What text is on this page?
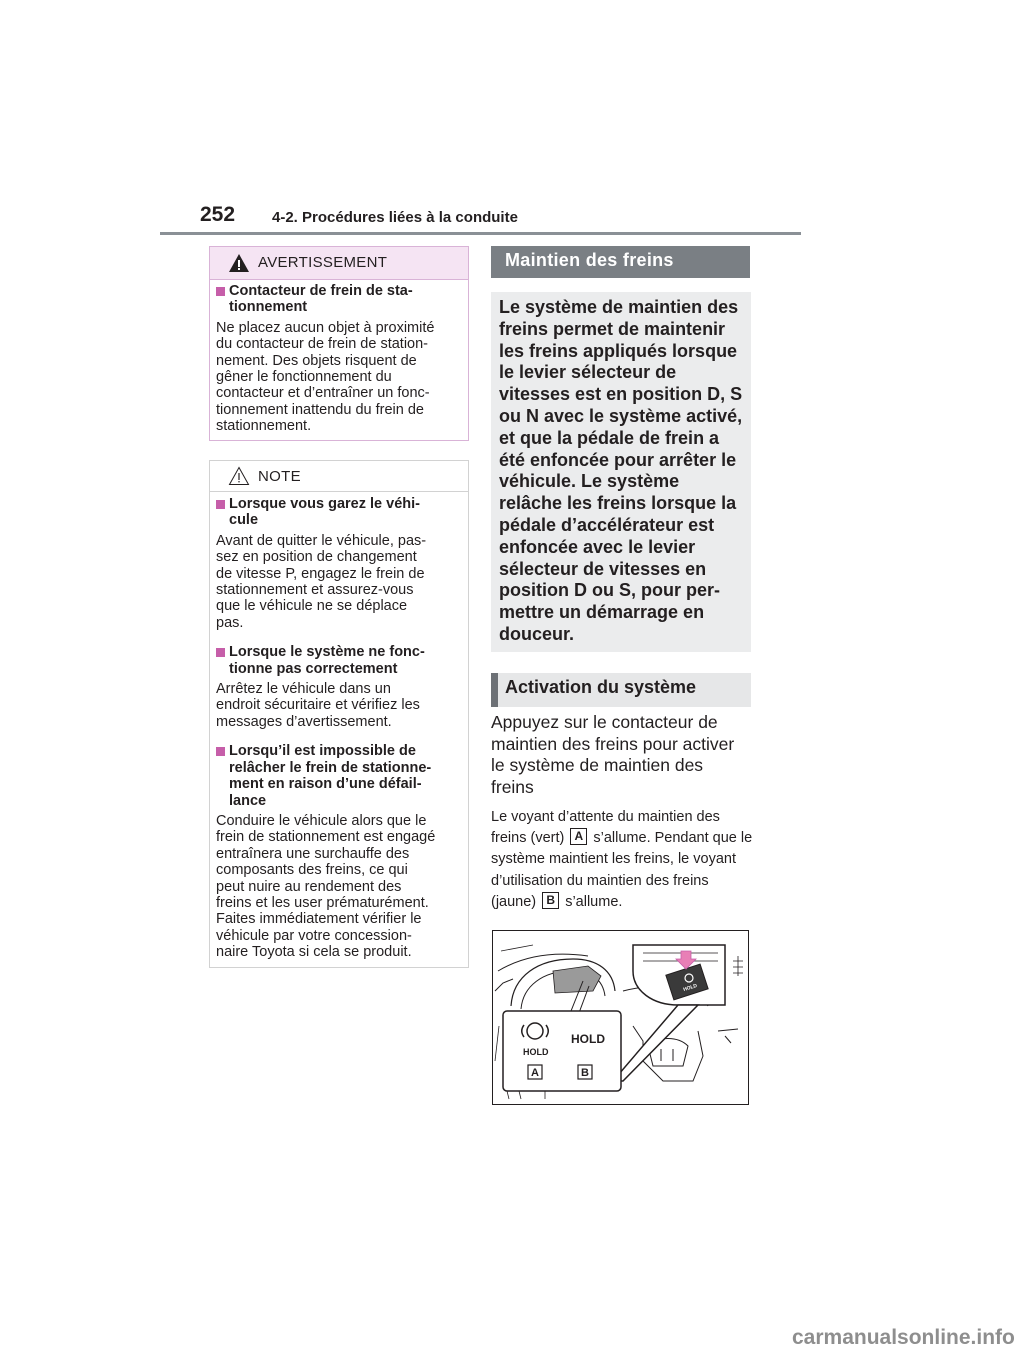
252 4-2. Procédures liées à la conduite
AVERTISSEMENT
Contacteur de frein de sta-
tionnement
Ne placez aucun objet à proximité
du contacteur de frein de station-
nement. Des objets risquent de
gêner le fonctionnement du
contacteur et d’entraîner un fonc-
tionnement inattendu du frein de
stationnement.
NOTE
Lorsque vous garez le véhi-
cule
Avant de quitter le véhicule, pas-
sez en position de changement
de vitesse P, engagez le frein de
stationnement et assurez-vous
que le véhicule ne se déplace
pas.
Lorsque le système ne fonc-
tionne pas correctement
Arrêtez le véhicule dans un
endroit sécuritaire et vérifiez les
messages d’avertissement.
Lorsqu’il est impossible de
relâcher le frein de stationne-
ment en raison d’une défail-
lance
Conduire le véhicule alors que le
frein de stationnement est engagé
entraînera une surchauffe des
composants des freins, ce qui
peut nuire au rendement des
freins et les user prématurément.
Faites immédiatement vérifier le
véhicule par votre concession-
naire Toyota si cela se produit.
Maintien des freins
Le système de maintien des
freins permet de maintenir
les freins appliqués lorsque
le levier sélecteur de
vitesses est en position D, S
ou N avec le système activé,
et que la pédale de frein a
été enfoncée pour arrêter le
véhicule. Le système
relâche les freins lorsque la
pédale d’accélérateur est
enfoncée avec le levier
sélecteur de vitesses en
position D ou S, pour per-
mettre un démarrage en
douceur.
Activation du système
Appuyez sur le contacteur de
maintien des freins pour activer
le système de maintien des
freins
Le voyant d’attente du maintien des freins (vert) A s’allume. Pendant que le système maintient les freins, le voyant d’utilisation du maintien des freins (jaune) B s’allume.
HOLD
HOLD
HOLD
A	B
carmanualsonline.info
